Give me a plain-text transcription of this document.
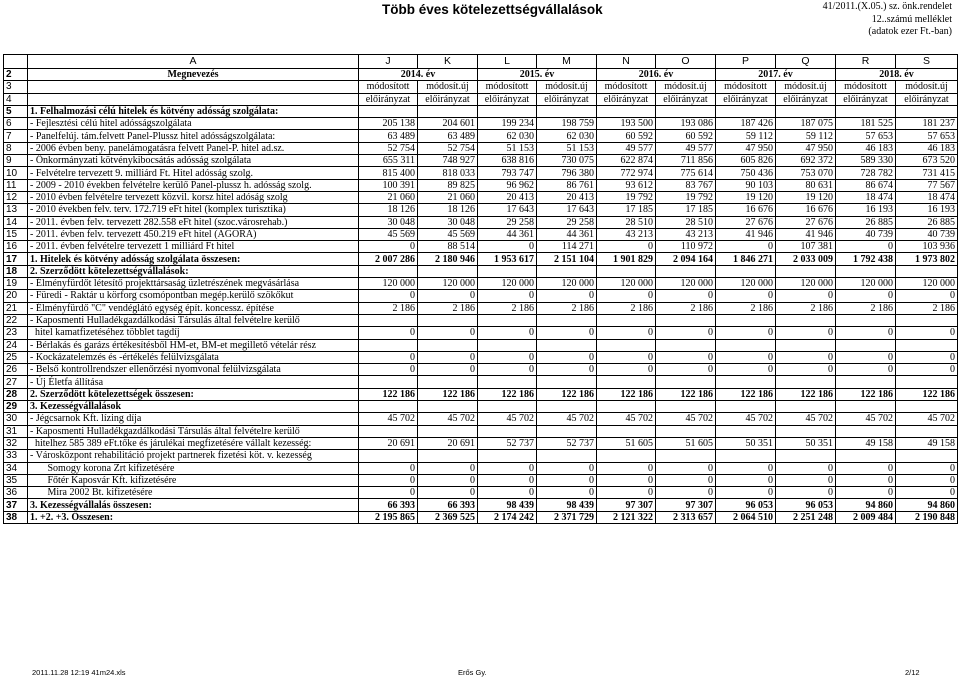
Több éves kötelezettségvállalások	41/2011.(X.05.) sz. önk.rendelet
12..számú melléklet
(adatok ezer Ft.-ban)
	A	J	K	L	M	N	O	P	Q	R	S
2	Megnevezés	2014. év		2015. év		2016. év		2017. év		2018. év	
3		módosított	módosít.új	módosított	módosít.új	módosított	módosít.új	módosított	módosít.új	módosított	módosít.új
4		előirányzat	előirányzat	előirányzat	előirányzat	előirányzat	előirányzat	előirányzat	előirányzat	előirányzat	előirányzat
5	1. Felhalmozási célú hitelek és kötvény adósság szolgálata:										
6	- Fejlesztési célú hitel adósságszolgálata	205 138	204 601	199 234	198 759	193 500	193 086	187 426	187 075	181 525	181 237
7	- Panelfelúj. tám.felvett Panel-Plussz hitel adósságszolgálata:	63 489	63 489	62 030	62 030	60 592	60 592	59 112	59 112	57 653	57 653
8	- 2006 évben beny. panelámogatásra felvett Panel-P. hitel ad.sz.	52 754	52 754	51 153	51 153	49 577	49 577	47 950	47 950	46 183	46 183
9	- Önkormányzati kötvénykibocsátás adósság szolgálata	655 311	748 927	638 816	730 075	622 874	711 856	605 826	692 372	589 330	673 520
10	- Felvételre tervezett 9. milliárd Ft. Hitel adósság szolg.	815 400	818 033	793 747	796 380	772 974	775 614	750 436	753 070	728 782	731 415
11	- 2009 - 2010 években felvételre kerülő Panel-plussz h. adósság szolg.	100 391	89 825	96 962	86 761	93 612	83 767	90 103	80 631	86 674	77 567
12	- 2010 évben felvételre tervezett közvil. korsz hitel adóság szolg	21 060	21 060	20 413	20 413	19 792	19 792	19 120	19 120	18 474	18 474
13	- 2010 években felv. terv. 172.719 eFt hitel (komplex turisztika)	18 126	18 126	17 643	17 643	17 185	17 185	16 676	16 676	16 193	16 193
14	- 2011. évben felv. tervezett 282.558 eFt hitel (szoc.városrehab.)	30 048	30 048	29 258	29 258	28 510	28 510	27 676	27 676	26 885	26 885
15	- 2011. évben felv. tervezett 450.219 eFt hitel (AGORA)	45 569	45 569	44 361	44 361	43 213	43 213	41 946	41 946	40 739	40 739
16	- 2011. évben felvételre tervezett 1 milliárd Ft hitel	0	88 514	0	114 271	0	110 972	0	107 381	0	103 936
17	1. Hitelek és kötvény adósság szolgálata összesen:	2 007 286	2 180 946	1 953 617	2 151 104	1 901 829	2 094 164	1 846 271	2 033 009	1 792 438	1 973 802
18	2. Szerződött kötelezettségvállalások:										
19	- Élményfürdőt létesítő projekttársaság üzletrészének megvásárlása	120 000	120 000	120 000	120 000	120 000	120 000	120 000	120 000	120 000	120 000
20	- Füredi - Raktár u körforg csomópontban megép.kerülő szökőkut	0	0	0	0	0	0	0	0	0	0
21	- Élményfürdő "C" vendéglátó egység épít. koncessz. építése	2 186	2 186	2 186	2 186	2 186	2 186	2 186	2 186	2 186	2 186
22	- Kaposmenti Hulladékgazdálkodási Társulás által felvételre kerülő										
23	hitel kamatfizetéséhez többlet tagdíj	0	0	0	0	0	0	0	0	0	0
24	- Bérlakás és garázs értékesítésből HM-et, BM-et megillető vételár rész										
25	- Kockázatelemzés és -értékelés felülvizsgálata	0	0	0	0	0	0	0	0	0	0
26	- Belső kontrollrendszer ellenőrzési nyomvonal felülvizsgálata	0	0	0	0	0	0	0	0	0	0
27	- Új Életfa állítása										
28	2. Szerződött kötelezettségek összesen:	122 186	122 186	122 186	122 186	122 186	122 186	122 186	122 186	122 186	122 186
29	3. Kezességvállalások										
30	- Jégcsarnok Kft. lízing díja	45 702	45 702	45 702	45 702	45 702	45 702	45 702	45 702	45 702	45 702
31	- Kaposmenti Hulladékgazdálkodási Társulás által felvételre kerülő										
32	hitelhez 585 389 eFt.tőke és járulékai megfizetésére vállalt kezesség:	20 691	20 691	52 737	52 737	51 605	51 605	50 351	50 351	49 158	49 158
33	- Városközpont rehabilitáció projekt partnerek fizetési köt. v. kezesség										
34	Somogy korona Zrt kifizetésére	0	0	0	0	0	0	0	0	0	0
35	Főtér Kaposvár Kft. kifizetésére	0	0	0	0	0	0	0	0	0	0
36	Mira 2002 Bt. kifizetésére	0	0	0	0	0	0	0	0	0	0
37	3. Kezességvállalás összesen:	66 393	66 393	98 439	98 439	97 307	97 307	96 053	96 053	94 860	94 860
38	1. +2. +3. Összesen:	2 195 865	2 369 525	2 174 242	2 371 729	2 121 322	2 313 657	2 064 510	2 251 248	2 009 484	2 190 848
2011.11.28 12:19 41m24.xls	Erős Gy.	2/12
